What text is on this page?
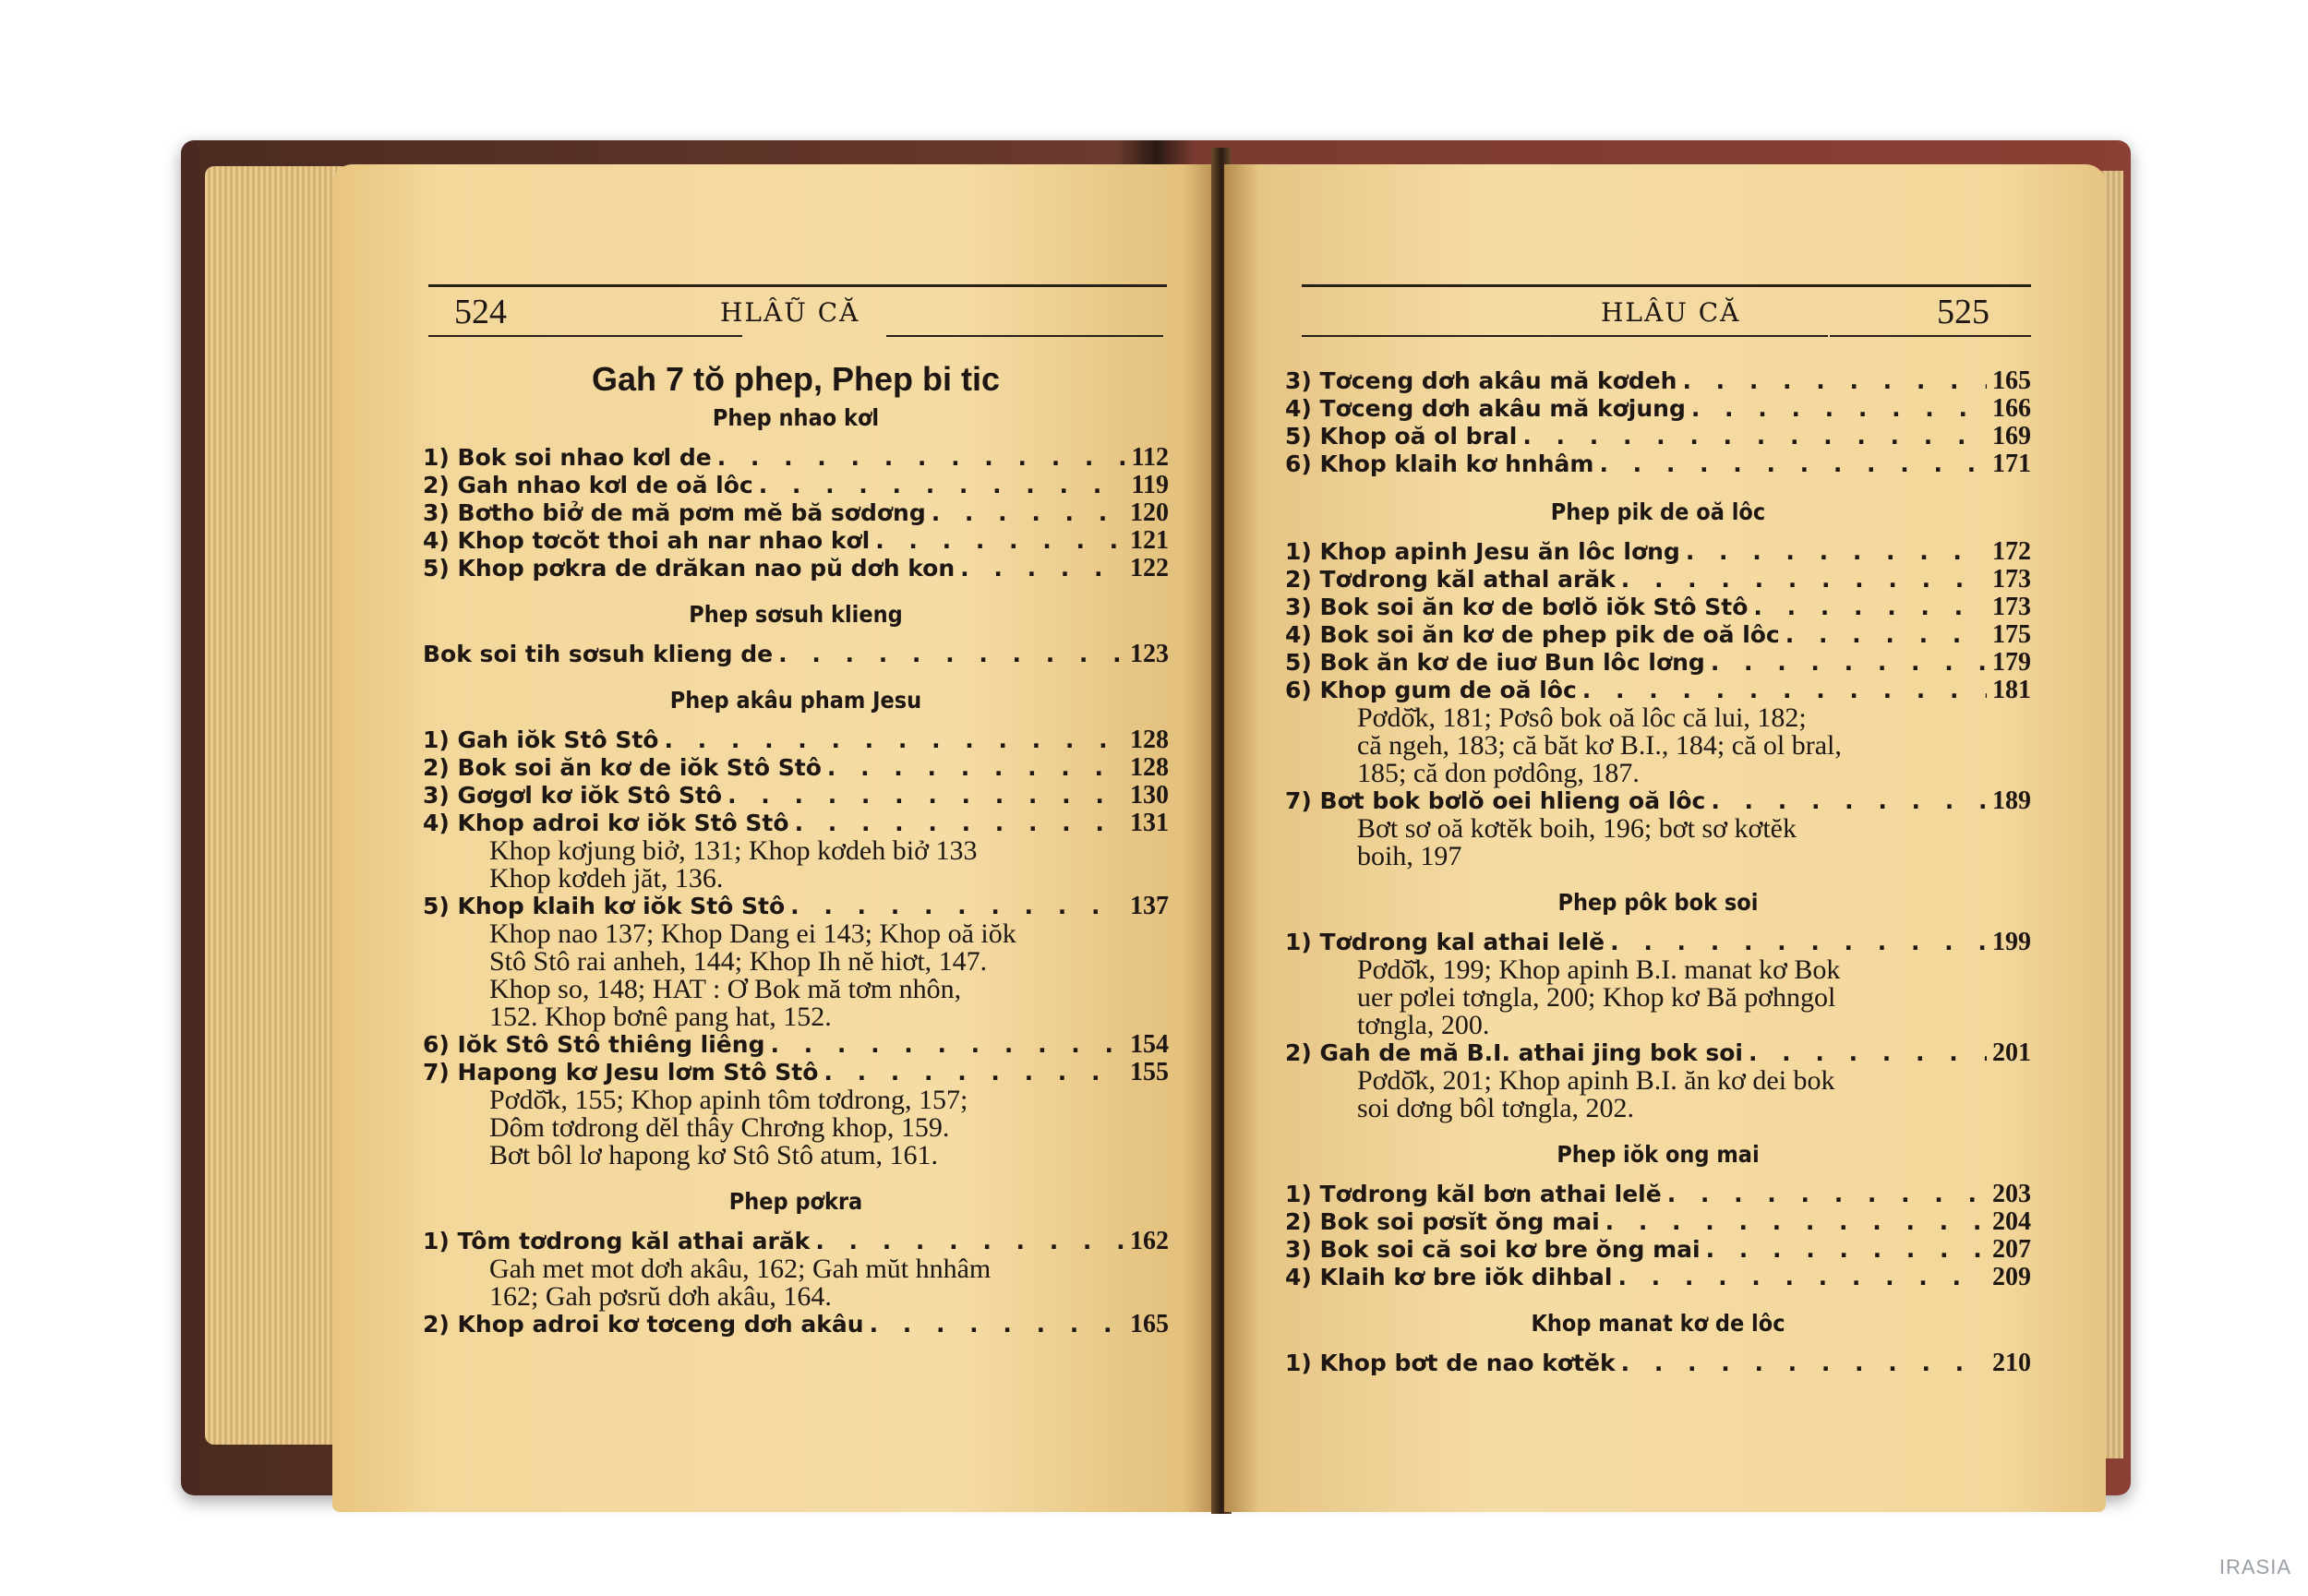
524	HLÂŨ CĂ

Gah 7 tŏ phep, Phep bi tic

Phep nhao kơl

1) Bok soi nhao kơl de . . .	112
2) Gah nhao kơl de oă lôc . . .	119
3) Bơtho biở de mă pơm mĕ bă sơdơng . . .	120
4) Khop tơcŏt thoi ah nar nhao kơl . . .	121
5) Khop pơkra de drăkan nao pŭ dơh kon . . .	122

Phep sơsuh klieng

Bok soi tih sơsuh klieng de . . .	123

Phep akâu pham Jesu

1) Gah iŏk Stô Stô . . .	128
2) Bok soi ăn kơ de iŏk Stô Stô . . .	128
3) Gơgơl kơ iŏk Stô Stô . . .	130
4) Khop adroi kơ iŏk Stô Stô . . .	131
Khop kơjung biở, 131; Khop kơdeh biở 133
Khop kơdeh jăt, 136.
5) Khop klaih kơ iŏk Stô Stô . . .	137
Khop nao 137; Khop Dang ei 143; Khop oă iŏk
Stô Stô rai anheh, 144; Khop Ih nĕ hiơt, 147.
Khop so, 148; HAT : Ơ Bok mă tơm nhôn,
152. Khop bơnê pang hat, 152.
6) Iŏk Stô Stô thiêng liêng . . .	154
7) Hapong kơ Jesu lơm Stô Stô . . .	155
Pơdŏ̆k, 155; Khop apinh tôm tơdrong, 157;
Dôm tơdrong dĕl thây Chrơng khop, 159.
Bơt bôl lơ hapong kơ Stô Stô atum, 161.

Phep pơkra

1) Tôm tơdrong kăl athai arăk . . .	162
Gah met mot dơh akâu, 162; Gah mŭt hnhâm
162; Gah pơsrŭ dơh akâu, 164.
2) Khop adroi kơ tơceng dơh akâu . . .	165
HLÂU CĂ	525
3) Tơceng dơh akâu mă kơdeh . . .	165
4) Tơceng dơh akâu mă kơjung . . .	166
5) Khop oă ol bral . . .	169
6) Khop klaih kơ hnhâm . . .	171

Phep pik de oă lôc

1) Khop apinh Jesu ăn lôc lơng . . .	172
2) Tơdrong kăl athal arăk . . .	173
3) Bok soi ăn kơ de bơlŏ iŏk Stô Stô . . .	173
4) Bok soi ăn kơ de phep pik de oă lôc . . .	175
5) Bok ăn kơ de iuơ Bun lôc lơng . . .	179
6) Khop gum de oă lôc . . .	181
Pơdŏ̆k, 181; Pơsô bok oă lôc că lui, 182;
că ngeh, 183; că băt kơ B.I., 184; că ol bral,
185; că don pơdông, 187.
7) Bơt bok bơlŏ oei hlieng oă lôc . . .	189
Bơt sơ oă kơtĕk boih, 196; bơt sơ kơtĕk
boih, 197

Phep pôk bok soi

1) Tơdrong kal athai lelĕ . . .	199
Pơdŏ̆k, 199; Khop apinh B.I. manat kơ Bok
uer pơlei tơngla, 200; Khop kơ Bă pơhngol
tơngla, 200.
2) Gah de mă B.I. athai jing bok soi . . .	201
Pơdŏ̆k, 201; Khop apinh B.I. ăn kơ dei bok
soi dơng bôl tơngla, 202.

Phep iŏk ong mai

1) Tơdrong kăl bơn athai lelĕ . . .	203
2) Bok soi pơsĭt ŏng mai . . .	204
3) Bok soi că soi kơ bre ŏng mai . . .	207
4) Klaih kơ bre iŏk dihbal . . .	209

Khop manat kơ de lôc

1) Khop bơt de nao kơtĕk . . .	210
IRASIA
